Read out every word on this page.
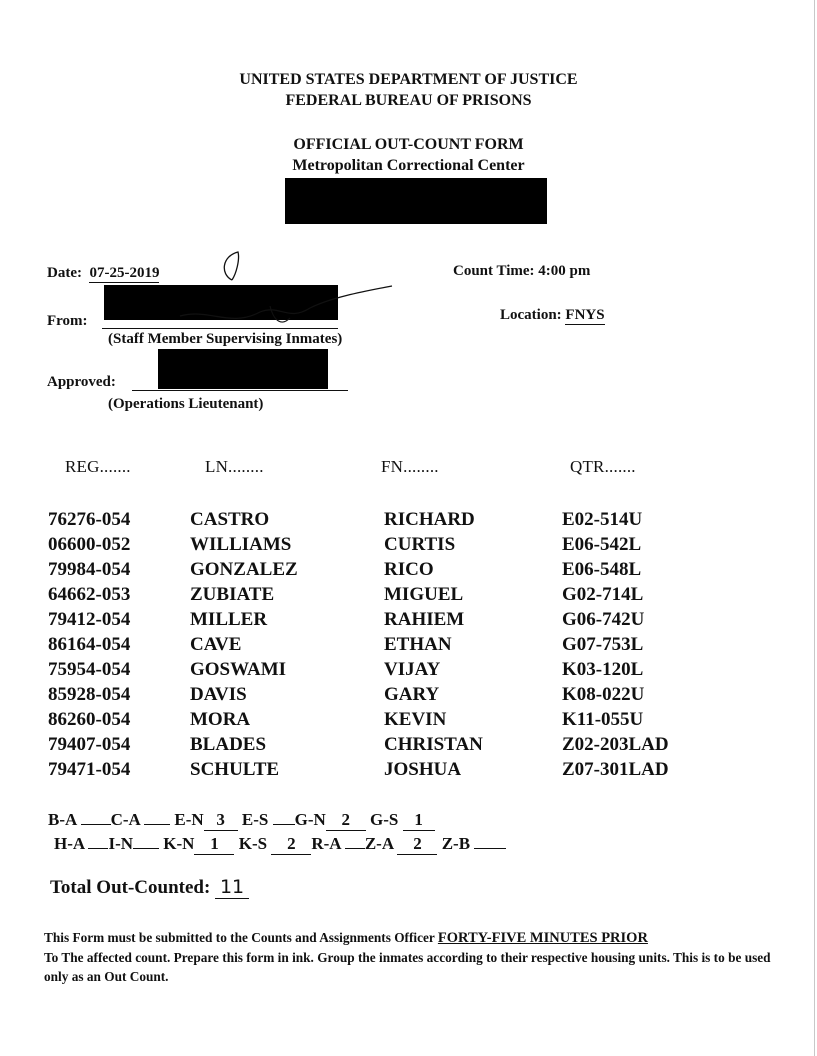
UNITED STATES DEPARTMENT OF JUSTICE
FEDERAL BUREAU OF PRISONS
OFFICIAL OUT-COUNT FORM
Metropolitan Correctional Center
Date: 07-25-2019	Count Time: 4:00 pm
From:
(Staff Member Supervising Inmates)
Location: FNYS
Approved:
(Operations Lieutenant)
REG.......	LN........	FN........	QTR.......
76276-054	CASTRO	RICHARD	E02-514U
06600-052	WILLIAMS	CURTIS	E06-542L
79984-054	GONZALEZ	RICO	E06-548L
64662-053	ZUBIATE	MIGUEL	G02-714L
79412-054	MILLER	RAHIEM	G06-742U
86164-054	CAVE	ETHAN	G07-753L
75954-054	GOSWAMI	VIJAY	K03-120L
85928-054	DAVIS	GARY	K08-022U
86260-054	MORA	KEVIN	K11-055U
79407-054	BLADES	CHRISTAN	Z02-203LAD
79471-054	SCHULTE	JOSHUA	Z07-301LAD
B-A C-A E-N 3 E-S G-N 2 G-S 1
H-A I-N K-N 1 K-S 2 R-A Z-A 2 Z-B
Total Out-Counted: 11
This Form must be submitted to the Counts and Assignments Officer FORTY-FIVE MINUTES PRIOR
To The affected count. Prepare this form in ink. Group the inmates according to their respective housing units. This is to be used only as an Out Count.
